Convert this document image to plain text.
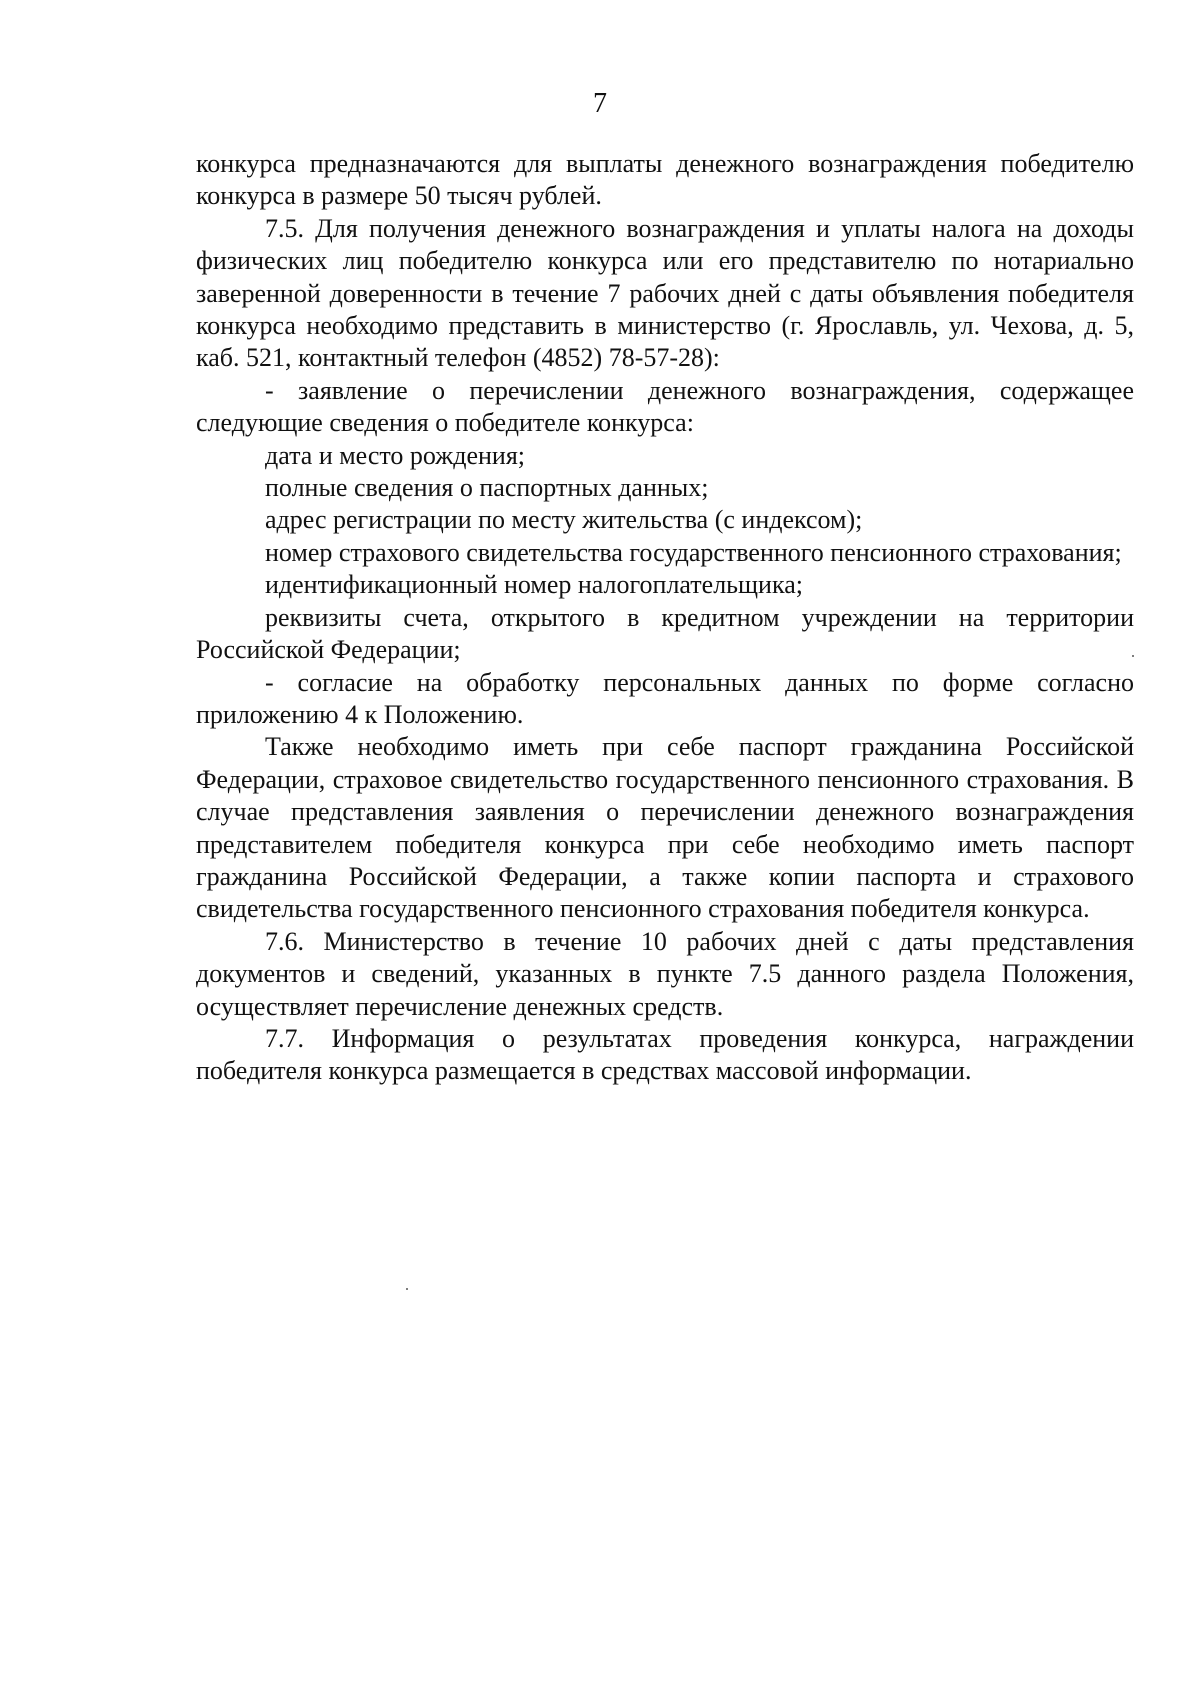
7

конкурса предназначаются для выплаты денежного вознаграждения победителю конкурса в размере 50 тысяч рублей.

7.5. Для получения денежного вознаграждения и уплаты налога на доходы физических лиц победителю конкурса или его представителю по нотариально заверенной доверенности в течение 7 рабочих дней с даты объявления победителя конкурса необходимо представить в министерство (г. Ярославль, ул. Чехова, д. 5, каб. 521, контактный телефон (4852) 78-57-28):

- заявление о перечислении денежного вознаграждения, содержащее следующие сведения о победителе конкурса:

дата и место рождения;

полные сведения о паспортных данных;

адрес регистрации по месту жительства (с индексом);

номер страхового свидетельства государственного пенсионного страхования;

идентификационный номер налогоплательщика;

реквизиты счета, открытого в кредитном учреждении на территории Российской Федерации;

- согласие на обработку персональных данных по форме согласно приложению 4 к Положению.

Также необходимо иметь при себе паспорт гражданина Российской Федерации, страховое свидетельство государственного пенсионного страхования. В случае представления заявления о перечислении денежного вознаграждения представителем победителя конкурса при себе необходимо иметь паспорт гражданина Российской Федерации, а также копии паспорта и страхового свидетельства государственного пенсионного страхования победителя конкурса.

7.6. Министерство в течение 10 рабочих дней с даты представления документов и сведений, указанных в пункте 7.5 данного раздела Положения, осуществляет перечисление денежных средств.

7.7. Информация о результатах проведения конкурса, награждении победителя конкурса размещается в средствах массовой информации.
